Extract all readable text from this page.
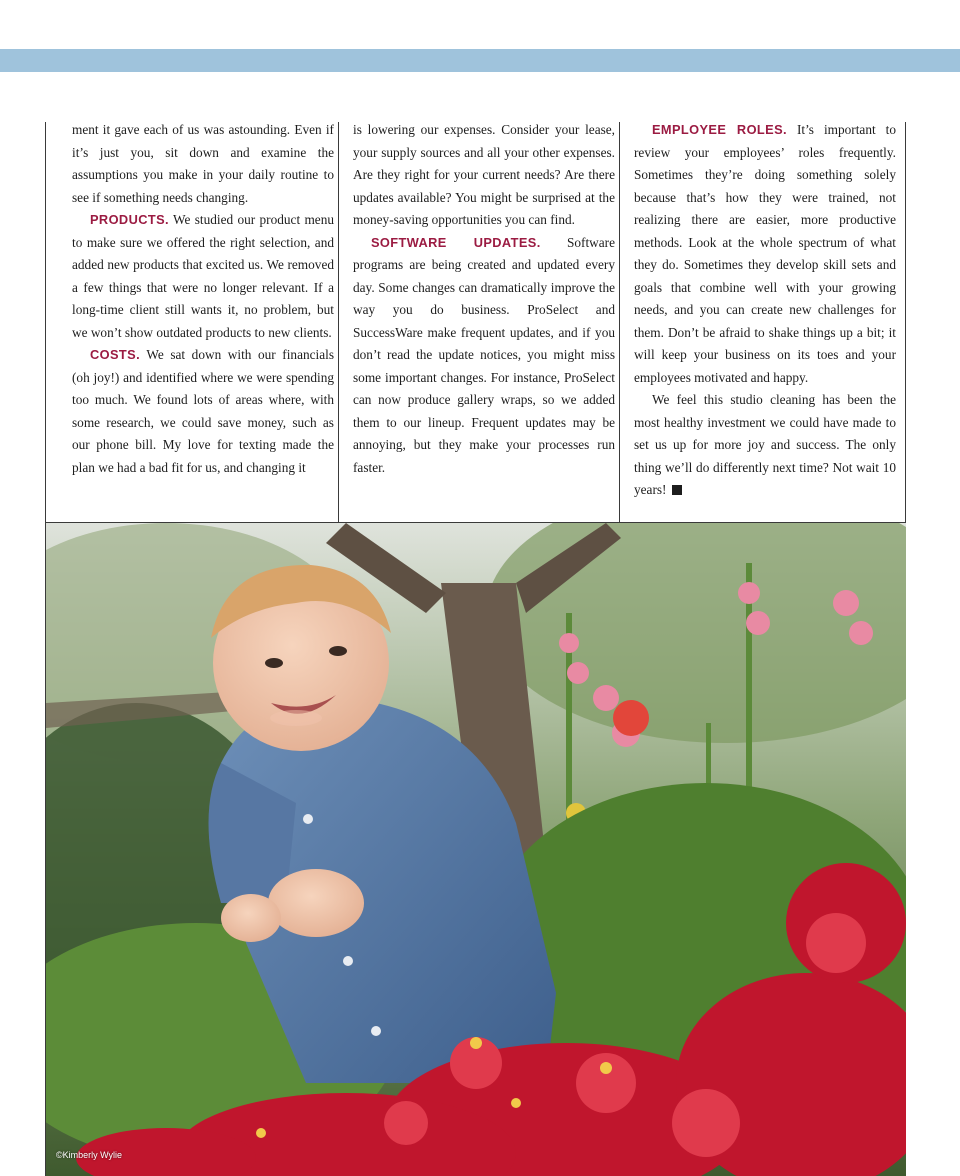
ment it gave each of us was astounding. Even if it’s just you, sit down and examine the assumptions you make in your daily routine to see if something needs changing.

PRODUCTS. We studied our product menu to make sure we offered the right selection, and added new products that excited us. We removed a few things that were no longer relevant. If a long-time client still wants it, no problem, but we won’t show outdated products to new clients.

COSTS. We sat down with our financials (oh joy!) and identified where we were spending too much. We found lots of areas where, with some research, we could save money, such as our phone bill. My love for texting made the plan we had a bad fit for us, and changing it

is lowering our expenses. Consider your lease, your supply sources and all your other expenses. Are they right for your current needs? Are there updates available? You might be surprised at the money-saving opportunities you can find.

SOFTWARE UPDATES. Software programs are being created and updated every day. Some changes can dramatically improve the way you do business. ProSelect and SuccessWare make frequent updates, and if you don’t read the update notices, you might miss some important changes. For instance, ProSelect can now produce gallery wraps, so we added them to our lineup. Frequent updates may be annoying, but they make your processes run faster.

EMPLOYEE ROLES. It’s important to review your employees’ roles frequently. Sometimes they’re doing something solely because that’s how they were trained, not realizing there are easier, more productive methods. Look at the whole spectrum of what they do. Sometimes they develop skill sets and goals that combine well with your growing needs, and you can create new challenges for them. Don’t be afraid to shake things up a bit; it will keep your business on its toes and your employees motivated and happy.

We feel this studio cleaning has been the most healthy investment we could have made to set us up for more joy and success. The only thing we’ll do differently next time? Not wait 10 years!

©Kimberly Wylie
